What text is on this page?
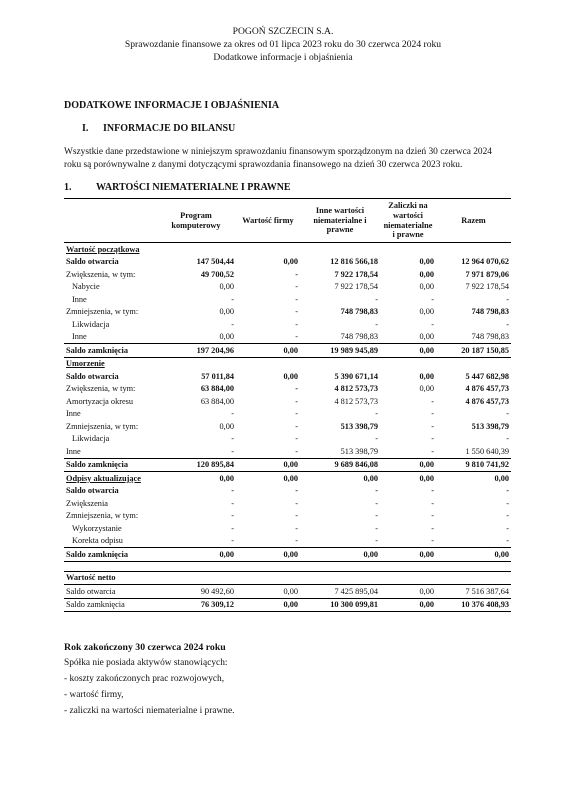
POGOŃ SZCZECIN S.A.
Sprawozdanie finansowe za okres od 01 lipca 2023 roku do 30 czerwca 2024 roku
Dodatkowe informacje i objaśnienia
DODATKOWE INFORMACJE I OBJAŚNIENIA
I. INFORMACJE DO BILANSU
Wszystkie dane przedstawione w niniejszym sprawozdaniu finansowym sporządzonym na dzień 30 czerwca 2024
roku są porównywalne z danymi dotyczącymi sprawozdania finansowego na dzień 30 czerwca 2023 roku.
1. WARTOŚCI NIEMATERIALNE I PRAWNE
	Program komputerowy	Wartość firmy	Inne wartości niematerialne i prawne	Zaliczki na wartości niematerialne i prawne	Razem
Wartość początkowa					
Saldo otwarcia	147 504,44	0,00	12 816 566,18	0,00	12 964 070,62
Zwiększenia, w tym:	49 700,52	-	7 922 178,54	0,00	7 971 879,06
Nabycie	0,00	-	7 922 178,54	0,00	7 922 178,54
Inne	-	-	-	-	-
Zmniejszenia, w tym:	0,00	-	748 798,83	0,00	748 798,83
Likwidacja	-	-	-	-	-
Inne	0,00	-	748 798,83	0,00	748 798,83
Saldo zamknięcia	197 204,96	0,00	19 989 945,89	0,00	20 187 150,85
Umorzenie					
Saldo otwarcia	57 011,84	0,00	5 390 671,14	0,00	5 447 682,98
Zwiększenia, w tym:	63 884,00	-	4 812 573,73	0,00	4 876 457,73
Amortyzacja okresu	63 884,00	-	4 812 573,73	-	4 876 457,73
Inne	-	-	-	-	-
Zmniejszenia, w tym:	0,00	-	513 398,79	-	513 398,79
Likwidacja	-	-	-	-	-
Inne	-	-	513 398,79	-	1 550 640,39
Saldo zamknięcia	120 895,84	0,00	9 689 846,08	0,00	9 810 741,92
Odpisy aktualizujące	0,00	0,00	0,00	0,00	0,00
Saldo otwarcia	-	-	-	-	-
Zwiększenia	-	-	-	-	-
Zmniejszenia, w tym:	-	-	-	-	-
Wykorzystanie	-	-	-	-	-
Korekta odpisu	-	-	-	-	-
Saldo zamknięcia	0,00	0,00	0,00	0,00	0,00

Wartość netto					
Saldo otwarcia	90 492,60	0,00	7 425 895,04	0,00	7 516 387,64
Saldo zamknięcia	76 309,12	0,00	10 300 099,81	0,00	10 376 408,93
Rok zakończony 30 czerwca 2024 roku
Spółka nie posiada aktywów stanowiących:
- koszty zakończonych prac rozwojowych,
- wartość firmy,
- zaliczki na wartości niematerialne i prawne.
